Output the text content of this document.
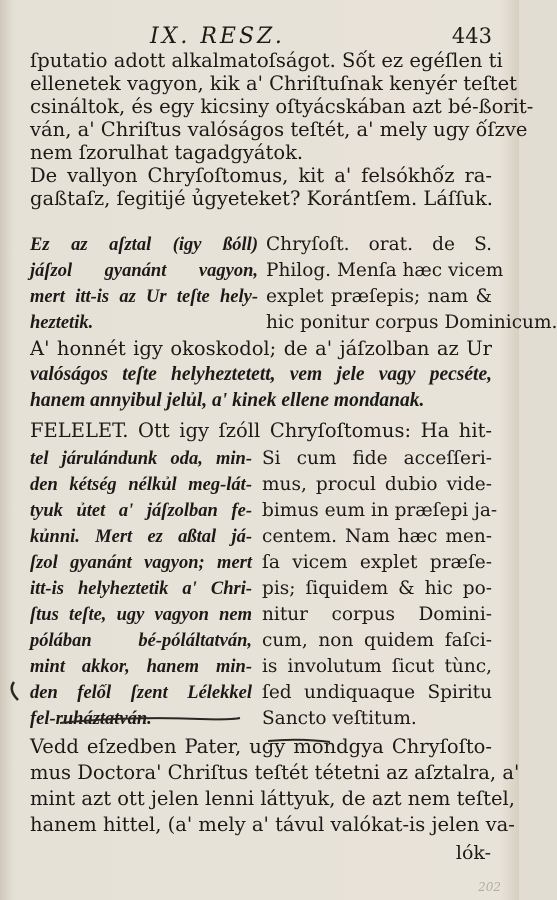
IX. RESZ.	443
ſputatio adott alkalmatoſságot. Sốt ez egéſlen ti
ellenetek vagyon, kik a' Chriſtuſnak kenyér teſtet
csináltok, és egy kicsiny oſtyácskában azt bé-ßorit-
ván, a' Chriſtus valóságos teſtét, a' mely ugy ốſzve
nem ſzorulhat tagadgyátok.
De vallyon Chryſoſtomus, kit a' felsókhốz ra-
gaßtaſz, ſegitijé ủgyeteket? Korántſem. Láſſuk.
Ez az aſztal (igy ßóll)
jáſzol gyanánt vagyon,
mert itt-is az Ur teſte hely-
heztetik.
Chryſoſt. orat. de S.
Philog. Menſa hæc vicem
explet præſepis; nam &
hic ponitur corpus Dominicum.
A' honnét igy okoskodol; de a' jáſzolban az Ur
valóságos teſte helyheztetett, vem jele vagy pecséte,
hanem annyibul jelủl, a' kinek ellene mondanak.
FELELET. Ott igy ſzóll Chryſoſtomus: Ha hit-
tel járulándunk oda, min-
den kétség nélkủl meg-lát-
tyuk ủtet a' jáſzolban fe-
kủnni. Mert ez aßtal já-
ſzol gyanánt vagyon; mert
itt-is helyheztetik a' Chri-
ſtus teſte, ugy vagyon nem
pólában bé-póláltatván,
mint akkor, hanem min-
den felốl ſzent Lélekkel
fel-ruháztatván.
Si cum fide acceſſeri-
mus, procul dubio vide-
bimus eum in præſepi ja-
centem. Nam hæc men-
ſa vicem explet præſe-
pis; ſiquidem & hic po-
nitur corpus Domini-
cum, non quidem faſci-
is involutum ſicut tùnc,
ſed undiquaque Spiritu
Sancto veſtitum.
Vedd eſzedben Pater, ugy mondgya Chryſoſto-
mus Doctora' Chriſtus teſtét tétetni az aſztalra, a'
mint azt ott jelen lenni láttyuk, de azt nem teſtel,
hanem hittel, (a' mely a' távul valókat-is jelen va-
lók-
202
